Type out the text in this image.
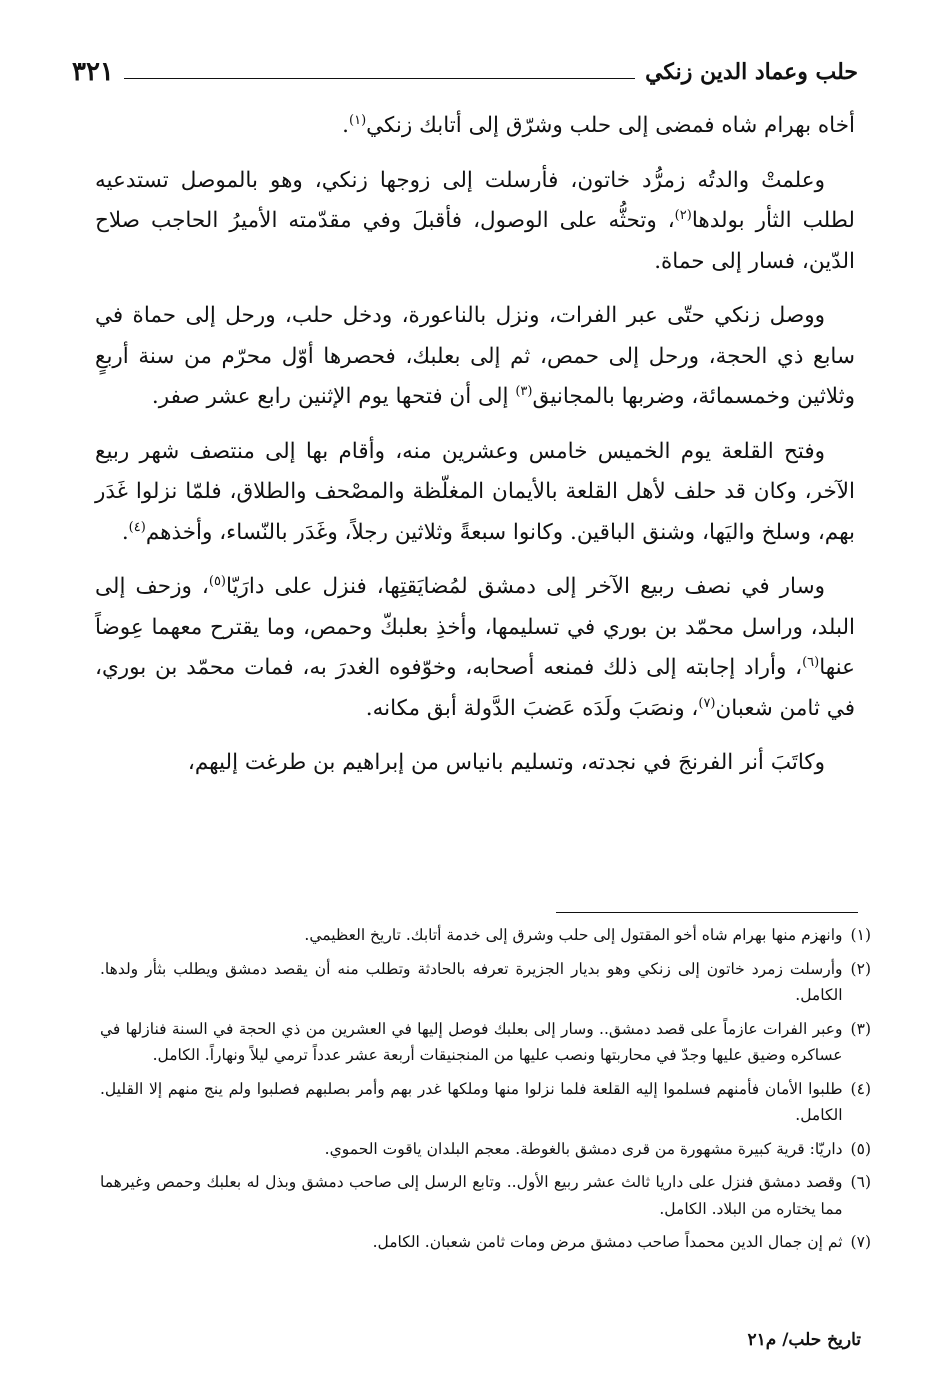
حلب وعماد الدين زنكي
٣٢١

أخاه بهرام شاه فمضى إلى حلب وشرّق إلى أتابك زنكي$^{(١)}$.

وعلمتْ والدتُه زمرُّد خاتون، فأرسلت إلى زوجها زنكي، وهو بالموصل تستدعيه لطلب الثأر بولدها$^{(٢)}$، وتحثُّه على الوصول، فأقبلَ وفي مقدّمته الأميرُ الحاجب صلاح الدّين، فسار إلى حماة.

ووصل زنكي حتّى عبر الفرات، ونزل بالناعورة، ودخل حلب، ورحل إلى حماة في سابع ذي الحجة، ورحل إلى حمص، ثم إلى بعلبك، فحصرها أوّل محرّم من سنة أربعٍ وثلاثين وخمسمائة، وضربها بالمجانيق$^{(٣)}$ إلى أن فتحها يوم الإثنين رابع عشر صفر.

وفتح القلعة يوم الخميس خامس وعشرين منه، وأقام بها إلى منتصف شهر ربيع الآخر، وكان قد حلف لأهل القلعة بالأيمان المغلّظة والمصْحف والطلاق، فلمّا نزلوا غَدَر بهم، وسلخ واليَها، وشنق الباقين. وكانوا سبعةً وثلاثين رجلاً، وغَدَر بالنّساء، وأخذهم$^{(٤)}$.

وسار في نصف ربيع الآخر إلى دمشق لمُضايَقتِها، فنزل على دارَيّا$^{(٥)}$، وزحف إلى البلد، وراسل محمّد بن بوري في تسليمها، وأخذِ بعلبكّ وحمص، وما يقترح معهما عِوضاً عنها$^{(٦)}$، وأراد إجابته إلى ذلك فمنعه أصحابه، وخوّفوه الغدرَ به، فمات محمّد بن بوري، في ثامن شعبان$^{(٧)}$، ونصَبَ ولَدَه عَضبَ الدَّولة أبق مكانه.

وكاتَبَ أنر الفرنجَ في نجدته، وتسليم بانياس من إبراهيم بن طرغت إليهم،

(١)
وانهزم منها بهرام شاه أخو المقتول إلى حلب وشرق إلى خدمة أتابك. تاريخ العظيمي.
(٢)
وأرسلت زمرد خاتون إلى زنكي وهو بديار الجزيرة تعرفه بالحادثة وتطلب منه أن يقصد دمشق ويطلب بثأر ولدها. الكامل.
(٣)
وعبر الفرات عازماً على قصد دمشق.. وسار إلى بعلبك فوصل إليها في العشرين من ذي الحجة في السنة فنازلها في عساكره وضيق عليها وجدّ في محاربتها ونصب عليها من المنجنيقات أربعة عشر عدداً ترمي ليلاً ونهاراً. الكامل.
(٤)
طلبوا الأمان فأمنهم فسلموا إليه القلعة فلما نزلوا منها وملكها غدر بهم وأمر بصلبهم فصلبوا ولم ينج منهم إلا القليل. الكامل.
(٥)
داريّا: قرية كبيرة مشهورة من قرى دمشق بالغوطة. معجم البلدان ياقوت الحموي.
(٦)
وقصد دمشق فنزل على داريا ثالث عشر ربيع الأول.. وتابع الرسل إلى صاحب دمشق وبذل له بعلبك وحمص وغيرهما مما يختاره من البلاد. الكامل.
(٧)
ثم إن جمال الدين محمداً صاحب دمشق مرض ومات ثامن شعبان. الكامل.
تاريخ حلب/ م٢١
